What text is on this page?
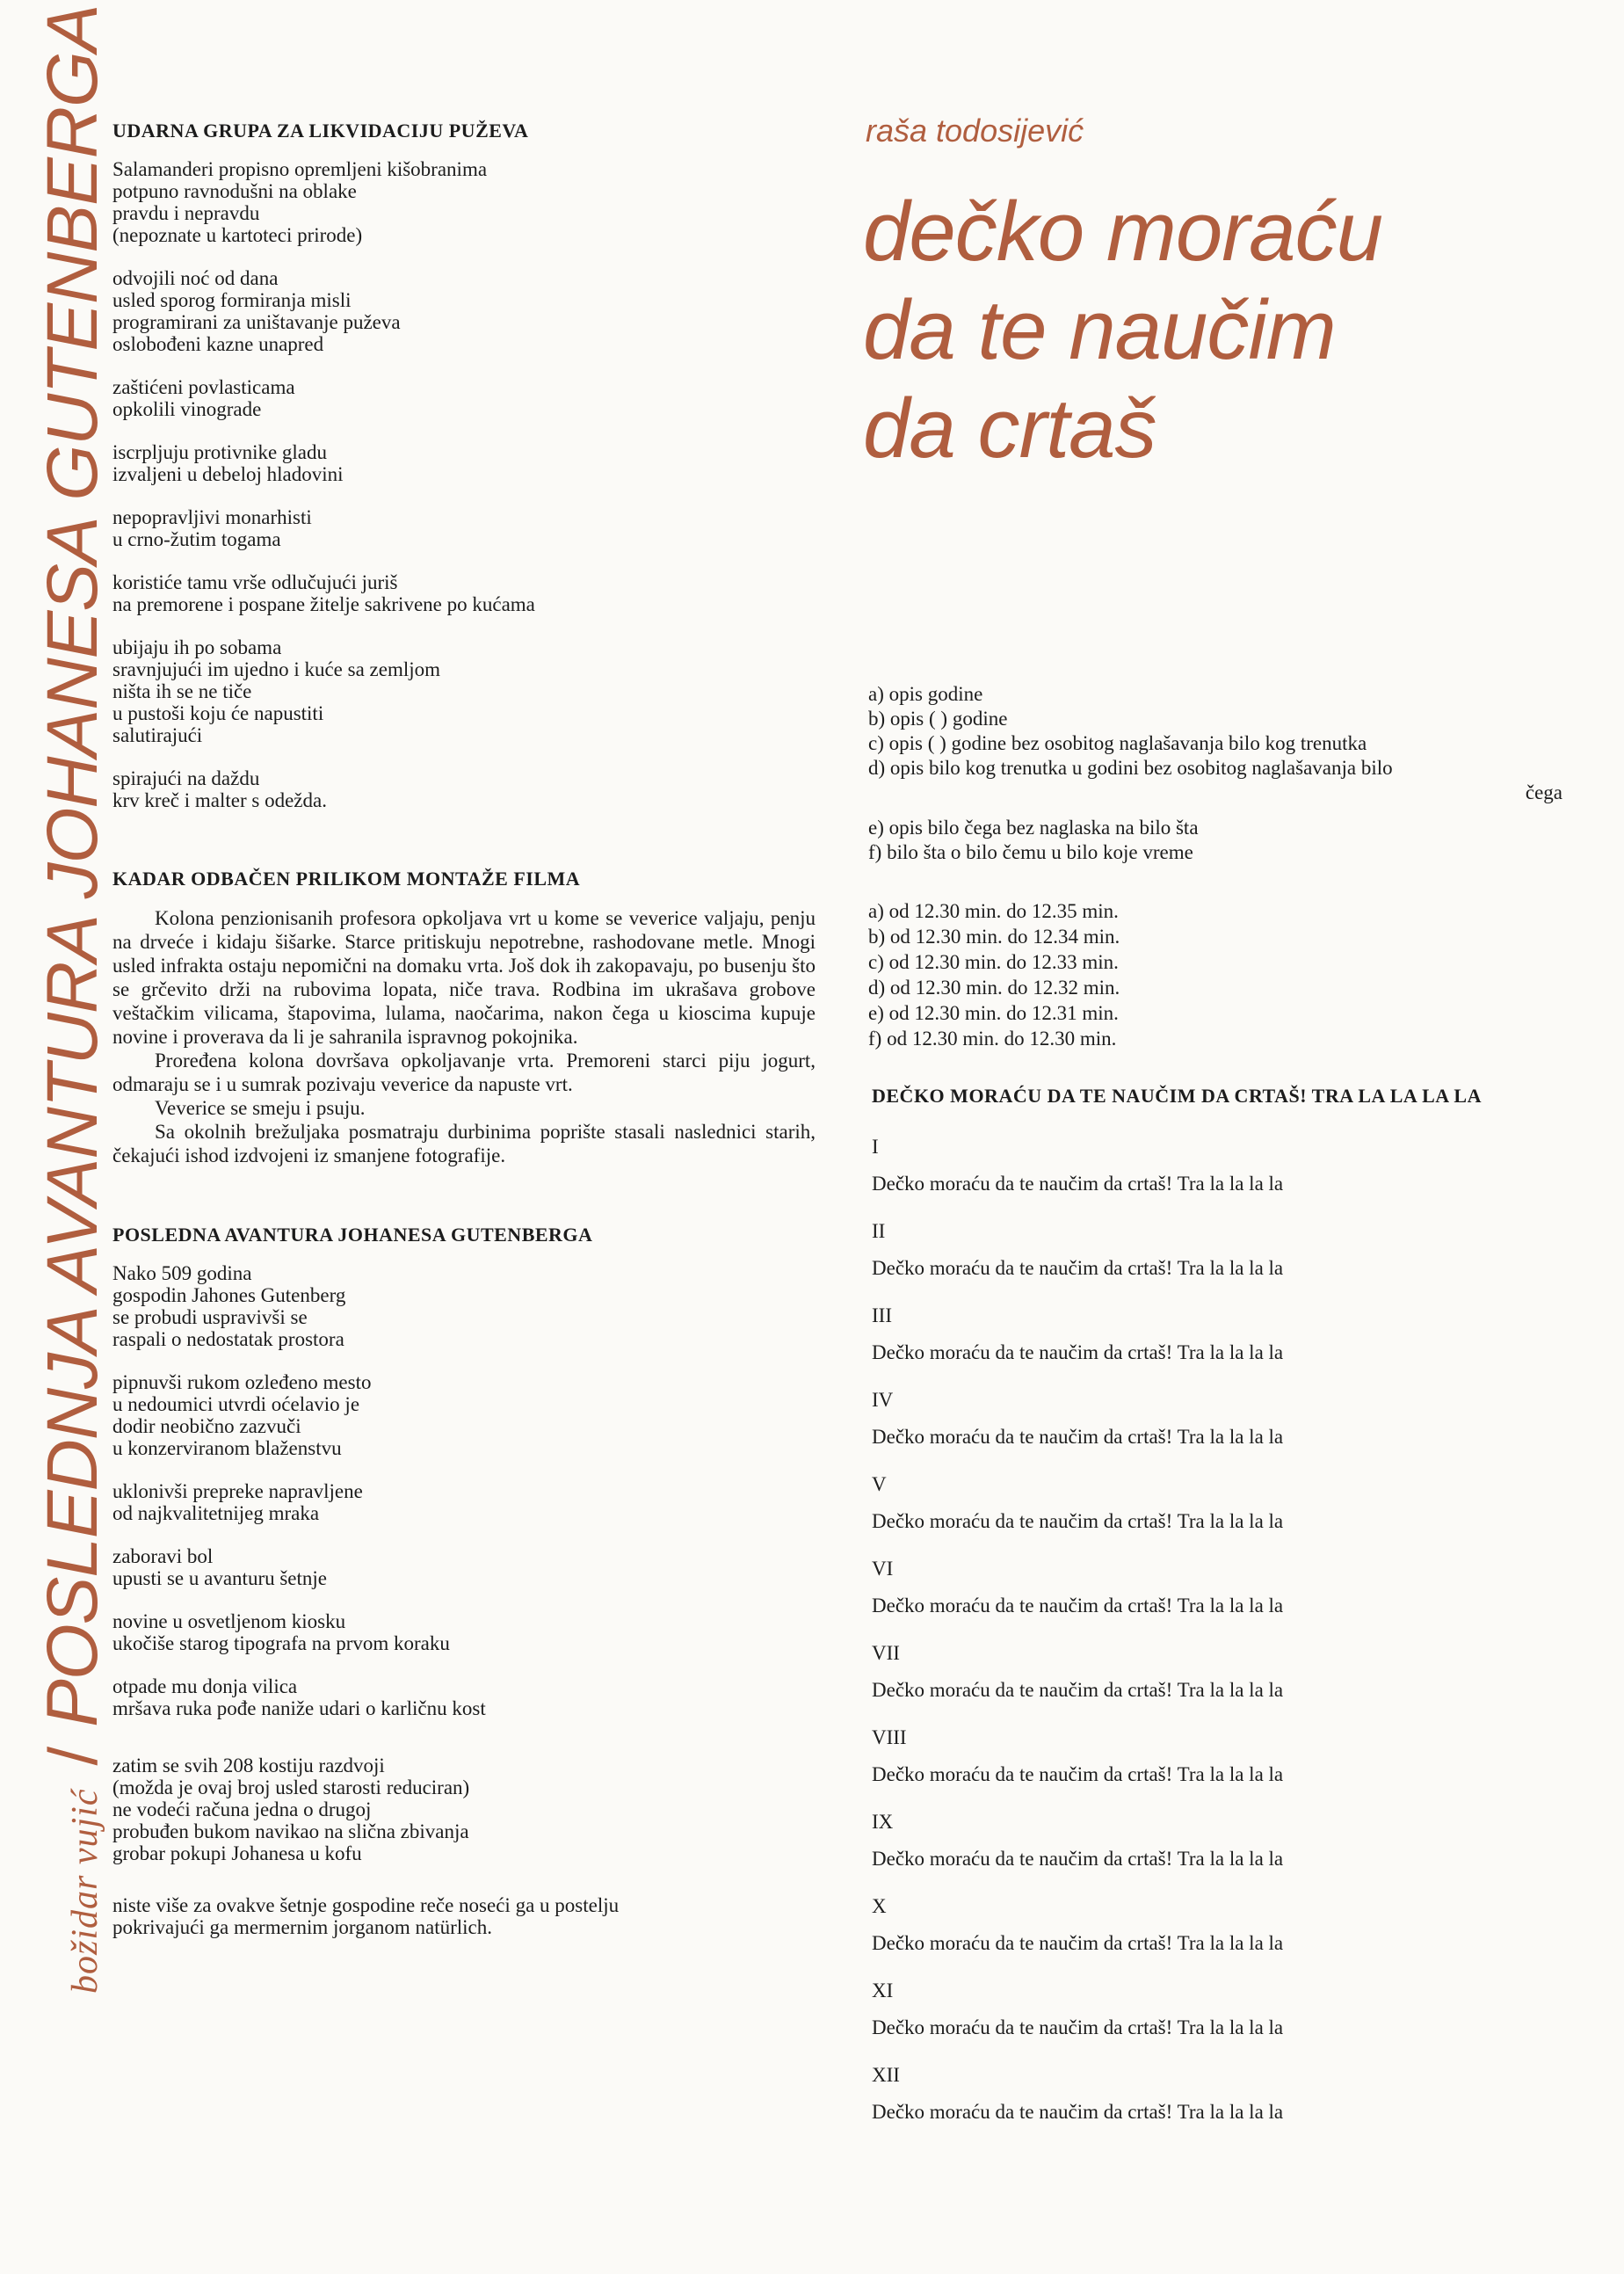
božidar vujić/POSLEDNJA AVANTURA JOHANESA GUTENBERGA UDARNA GRUPA ZA LIKVIDACIJU PUŽEVA
Salamanderi propisno opremljeni kišobranima
potpuno ravnodušni na oblake
pravdu i nepravdu
(nepoznate u kartoteci prirode)
odvojili noć od dana
usled sporog formiranja misli
programirani za uništavanje puževa
oslobođeni kazne unapred
zaštićeni povlasticama
opkolili vinograde
iscrpljuju protivnike gladu
izvaljeni u debeloj hladovini
nepopravljivi monarhisti
u crno-žutim togama
koristiće tamu vrše odlučujući juriš
na premorene i pospane žitelje sakrivene po kućama
ubijaju ih po sobama
sravnjujući im ujedno i kuće sa zemljom
ništa ih se ne tiče
u pustoši koju će napustiti
salutirajući
spirajući na daždu
krv kreč i malter s odežda.
KADAR ODBAČEN PRILIKOM MONTAŽE FILMA

Kolona penzionisanih profesora opkoljava vrt u kome se veverice valjaju, penju na drveće i kidaju šišarke. Starce pritiskuju nepotrebne, rashodovane metle. Mnogi usled infrakta ostaju nepomični na domaku vrta. Još dok ih zakopavaju, po busenju što se grčevito drži na rubovima lopata, niče trava. Rodbina im ukrašava grobove veštačkim vilicama, štapovima, lulama, naočarima, nakon čega u kioscima kupuje novine i proverava da li je sahranila ispravnog pokojnika.

Proređena kolona dovršava opkoljavanje vrta. Premoreni starci piju jogurt, odmaraju se i u sumrak pozivaju veverice da napuste vrt.

Veverice se smeju i psuju.

Sa okolnih brežuljaka posmatraju durbinima poprište stasali naslednici starih, čekajući ishod izdvojeni iz smanjene fotografije.

POSLEDNA AVANTURA JOHANESA GUTENBERGA
Nako 509 godina
gospodin Jahones Gutenberg
se probudi uspravivši se
raspali o nedostatak prostora
pipnuvši rukom ozleđeno mesto
u nedoumici utvrdi oćelavio je
dodir neobično zazvuči
u konzerviranom blaženstvu
uklonivši prepreke napravljene
od najkvalitetnijeg mraka
zaboravi bol
upusti se u avanturu šetnje
novine u osvetljenom kiosku
ukočiše starog tipografa na prvom koraku
otpade mu donja vilica
mršava ruka pođe naniže udari o karličnu kost
zatim se svih 208 kostiju razdvoji
(možda je ovaj broj usled starosti reduciran)
ne vodeći računa jedna o drugoj
probuđen bukom navikao na slična zbivanja
grobar pokupi Johanesa u kofu
niste više za ovakve šetnje gospodine reče noseći ga u postelju
pokrivajući ga mermernim jorganom natürlich.
raša todosijević
dečko moraću
da te naučim
da crtaš
a) opis godine
b) opis ( ) godine
c) opis ( ) godine bez osobitog naglašavanja bilo kog trenutka
d) opis bilo kog trenutka u godini bez osobitog naglašavanja bilo
čega
e) opis bilo čega bez naglaska na bilo šta
f) bilo šta o bilo čemu u bilo koje vreme
a) od 12.30 min. do 12.35 min.
b) od 12.30 min. do 12.34 min.
c) od 12.30 min. do 12.33 min.
d) od 12.30 min. do 12.32 min.
e) od 12.30 min. do 12.31 min.
f) od 12.30 min. do 12.30 min.
DEČKO MORAĆU DA TE NAUČIM DA CRTAŠ! TRA LA LA LA LA
I
Dečko moraću da te naučim da crtaš! Tra la la la la
II
Dečko moraću da te naučim da crtaš! Tra la la la la
III
Dečko moraću da te naučim da crtaš! Tra la la la la
IV
Dečko moraću da te naučim da crtaš! Tra la la la la
V
Dečko moraću da te naučim da crtaš! Tra la la la la
VI
Dečko moraću da te naučim da crtaš! Tra la la la la
VII
Dečko moraću da te naučim da crtaš! Tra la la la la
VIII
Dečko moraću da te naučim da crtaš! Tra la la la la
IX
Dečko moraću da te naučim da crtaš! Tra la la la la
X
Dečko moraću da te naučim da crtaš! Tra la la la la
XI
Dečko moraću da te naučim da crtaš! Tra la la la la
XII
Dečko moraću da te naučim da crtaš! Tra la la la la
